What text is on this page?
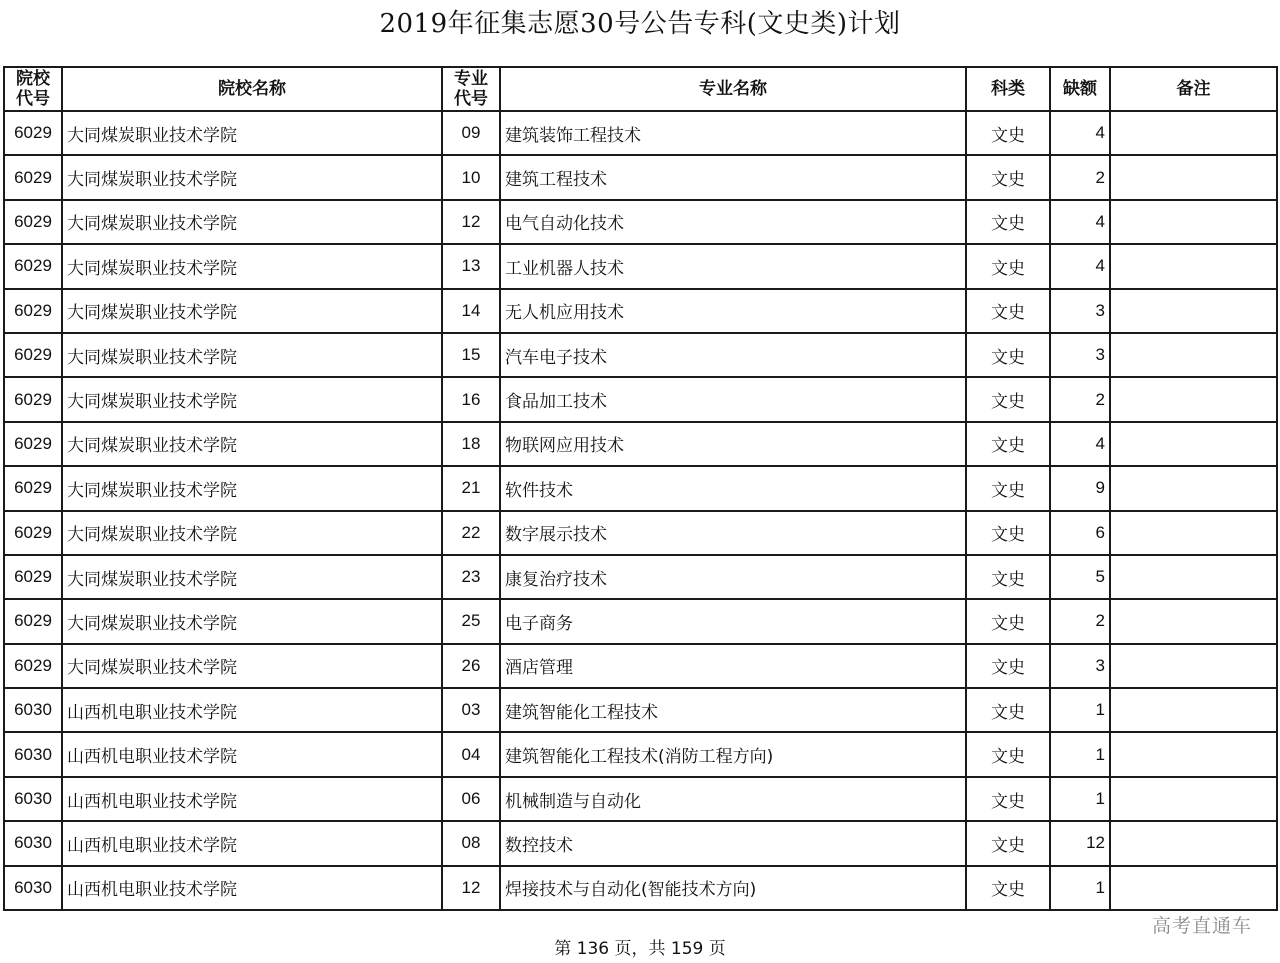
2019年征集志愿30号公告专科(文史类)计划
院校代号	院校名称	专业代号	专业名称	科类	缺额	备注
6029	大同煤炭职业技术学院	09	建筑装饰工程技术	文史	4	
6029	大同煤炭职业技术学院	10	建筑工程技术	文史	2	
6029	大同煤炭职业技术学院	12	电气自动化技术	文史	4	
6029	大同煤炭职业技术学院	13	工业机器人技术	文史	4	
6029	大同煤炭职业技术学院	14	无人机应用技术	文史	3	
6029	大同煤炭职业技术学院	15	汽车电子技术	文史	3	
6029	大同煤炭职业技术学院	16	食品加工技术	文史	2	
6029	大同煤炭职业技术学院	18	物联网应用技术	文史	4	
6029	大同煤炭职业技术学院	21	软件技术	文史	9	
6029	大同煤炭职业技术学院	22	数字展示技术	文史	6	
6029	大同煤炭职业技术学院	23	康复治疗技术	文史	5	
6029	大同煤炭职业技术学院	25	电子商务	文史	2	
6029	大同煤炭职业技术学院	26	酒店管理	文史	3	
6030	山西机电职业技术学院	03	建筑智能化工程技术	文史	1	
6030	山西机电职业技术学院	04	建筑智能化工程技术(消防工程方向)	文史	1	
6030	山西机电职业技术学院	06	机械制造与自动化	文史	1	
6030	山西机电职业技术学院	08	数控技术	文史	12	
6030	山西机电职业技术学院	12	焊接技术与自动化(智能技术方向)	文史	1	
高考直通车
第 136 页，共 159 页
